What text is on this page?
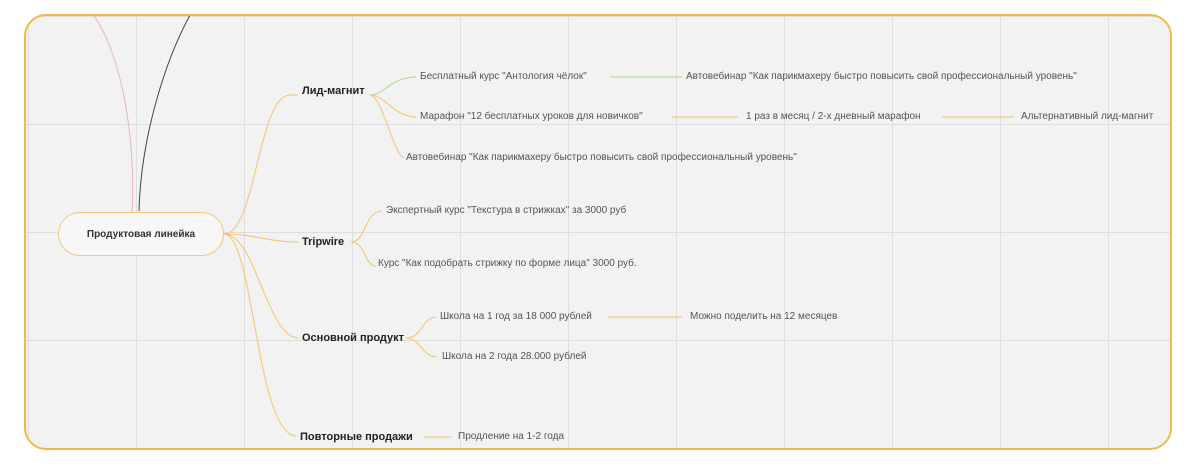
Продуктовая линейка
Лид-магнит
Бесплатный курс "Антология чёлок"	Автовебинар "Как парикмахеру быстро повысить свой профессиональный уровень"
Марафон "12 бесплатных уроков для новичков"	1 раз в месяц / 2-х дневный марафон	Альтернативный лид-магнит
Автовебинар "Как парикмахеру быстро повысить свой профессиональный уровень"
Tripwire
Экспертный курс "Текстура в стрижках" за 3000 руб
Курс "Как подобрать стрижку по форме лица" 3000 руб.
Основной продукт
Школа на 1 год за 18 000 рублей	Можно поделить на 12 месяцев
Школа на 2 года 28.000 рублей
Повторные продажи	Продление на 1-2 года
